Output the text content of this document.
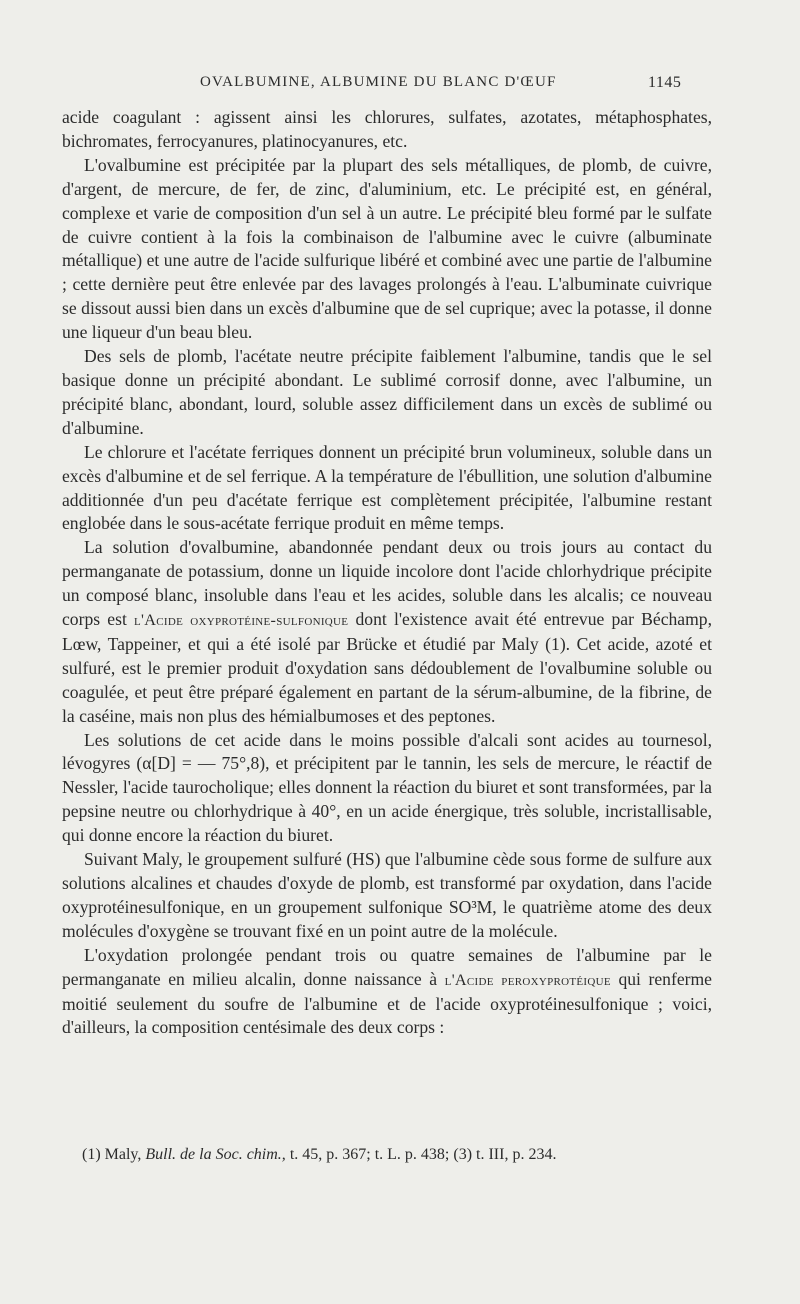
OVALBUMINE, ALBUMINE DU BLANC D'ŒUF	1145

acide coagulant : agissent ainsi les chlorures, sulfates, azotates, métaphosphates, bichromates, ferrocyanures, platinocyanures, etc.

L'ovalbumine est précipitée par la plupart des sels métalliques, de plomb, de cuivre, d'argent, de mercure, de fer, de zinc, d'aluminium, etc. Le précipité est, en général, complexe et varie de composition d'un sel à un autre. Le précipité bleu formé par le sulfate de cuivre contient à la fois la combinaison de l'albumine avec le cuivre (albuminate métallique) et une autre de l'acide sulfurique libéré et combiné avec une partie de l'albumine ; cette dernière peut être enlevée par des lavages prolongés à l'eau. L'albuminate cuivrique se dissout aussi bien dans un excès d'albumine que de sel cuprique; avec la potasse, il donne une liqueur d'un beau bleu.

Des sels de plomb, l'acétate neutre précipite faiblement l'albumine, tandis que le sel basique donne un précipité abondant. Le sublimé corrosif donne, avec l'albumine, un précipité blanc, abondant, lourd, soluble assez difficilement dans un excès de sublimé ou d'albumine.

Le chlorure et l'acétate ferriques donnent un précipité brun volumineux, soluble dans un excès d'albumine et de sel ferrique. A la température de l'ébullition, une solution d'albumine additionnée d'un peu d'acétate ferrique est complètement précipitée, l'albumine restant englobée dans le sous-acétate ferrique produit en même temps.

La solution d'ovalbumine, abandonnée pendant deux ou trois jours au contact du permanganate de potassium, donne un liquide incolore dont l'acide chlorhydrique précipite un composé blanc, insoluble dans l'eau et les acides, soluble dans les alcalis; ce nouveau corps est l'Acide oxyprotéine-sulfonique dont l'existence avait été entrevue par Béchamp, Lœw, Tappeiner, et qui a été isolé par Brücke et étudié par Maly (1). Cet acide, azoté et sulfuré, est le premier produit d'oxydation sans dédoublement de l'ovalbumine soluble ou coagulée, et peut être préparé également en partant de la sérum-albumine, de la fibrine, de la caséine, mais non plus des hémialbumoses et des peptones.

Les solutions de cet acide dans le moins possible d'alcali sont acides au tournesol, lévogyres (α[D] = — 75°,8), et précipitent par le tannin, les sels de mercure, le réactif de Nessler, l'acide taurocholique; elles donnent la réaction du biuret et sont transformées, par la pepsine neutre ou chlorhydrique à 40°, en un acide énergique, très soluble, incristallisable, qui donne encore la réaction du biuret.

Suivant Maly, le groupement sulfuré (HS) que l'albumine cède sous forme de sulfure aux solutions alcalines et chaudes d'oxyde de plomb, est transformé par oxydation, dans l'acide oxyprotéinesulfonique, en un groupement sulfonique SO³M, le quatrième atome des deux molécules d'oxygène se trouvant fixé en un point autre de la molécule.

L'oxydation prolongée pendant trois ou quatre semaines de l'albumine par le permanganate en milieu alcalin, donne naissance à l'Acide peroxyprotéique qui renferme moitié seulement du soufre de l'albumine et de l'acide oxyprotéinesulfonique ; voici, d'ailleurs, la composition centésimale des deux corps :

(1) Maly, Bull. de la Soc. chim., t. 45, p. 367; t. L. p. 438; (3) t. III, p. 234.
